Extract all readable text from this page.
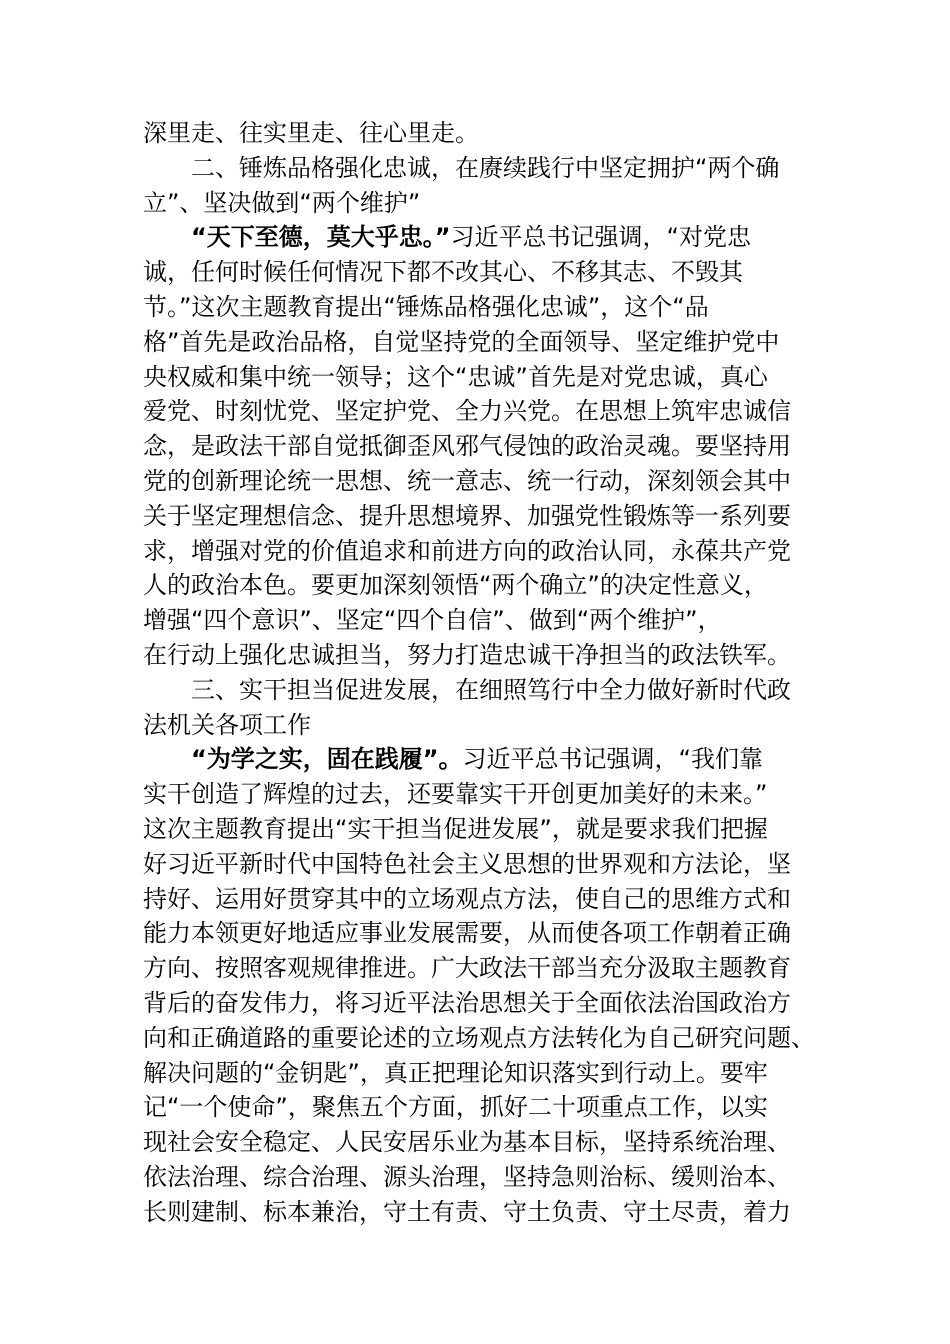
深里走、往实里走、往心里走。
二、锤炼品格强化忠诚，在赓续践行中坚定拥护“两个确
立”、坚决做到“两个维护”
“天下至德，莫大乎忠。”习近平总书记强调，“对党忠
诚，任何时候任何情况下都不改其心、不移其志、不毁其
节。”这次主题教育提出“锤炼品格强化忠诚”，这个“品
格”首先是政治品格，自觉坚持党的全面领导、坚定维护党中
央权威和集中统一领导；这个“忠诚”首先是对党忠诚，真心
爱党、时刻忧党、坚定护党、全力兴党。在思想上筑牢忠诚信
念，是政法干部自觉抵御歪风邪气侵蚀的政治灵魂。要坚持用
党的创新理论统一思想、统一意志、统一行动，深刻领会其中
关于坚定理想信念、提升思想境界、加强党性锻炼等一系列要
求，增强对党的价值追求和前进方向的政治认同，永葆共产党
人的政治本色。要更加深刻领悟“两个确立”的决定性意义，
增强“四个意识”、坚定“四个自信”、做到“两个维护”，
在行动上强化忠诚担当，努力打造忠诚干净担当的政法铁军。
三、实干担当促进发展，在细照笃行中全力做好新时代政
法机关各项工作
“为学之实，固在践履”。习近平总书记强调，“我们靠
实干创造了辉煌的过去，还要靠实干开创更加美好的未来。”
这次主题教育提出“实干担当促进发展”，就是要求我们把握
好习近平新时代中国特色社会主义思想的世界观和方法论，坚
持好、运用好贯穿其中的立场观点方法，使自己的思维方式和
能力本领更好地适应事业发展需要，从而使各项工作朝着正确
方向、按照客观规律推进。广大政法干部当充分汲取主题教育
背后的奋发伟力，将习近平法治思想关于全面依法治国政治方
向和正确道路的重要论述的立场观点方法转化为自己研究问题、
解决问题的“金钥匙”，真正把理论知识落实到行动上。要牢
记“一个使命”，聚焦五个方面，抓好二十项重点工作，以实
现社会安全稳定、人民安居乐业为基本目标，坚持系统治理、
依法治理、综合治理、源头治理，坚持急则治标、缓则治本、
长则建制、标本兼治，守土有责、守土负责、守土尽责，着力
